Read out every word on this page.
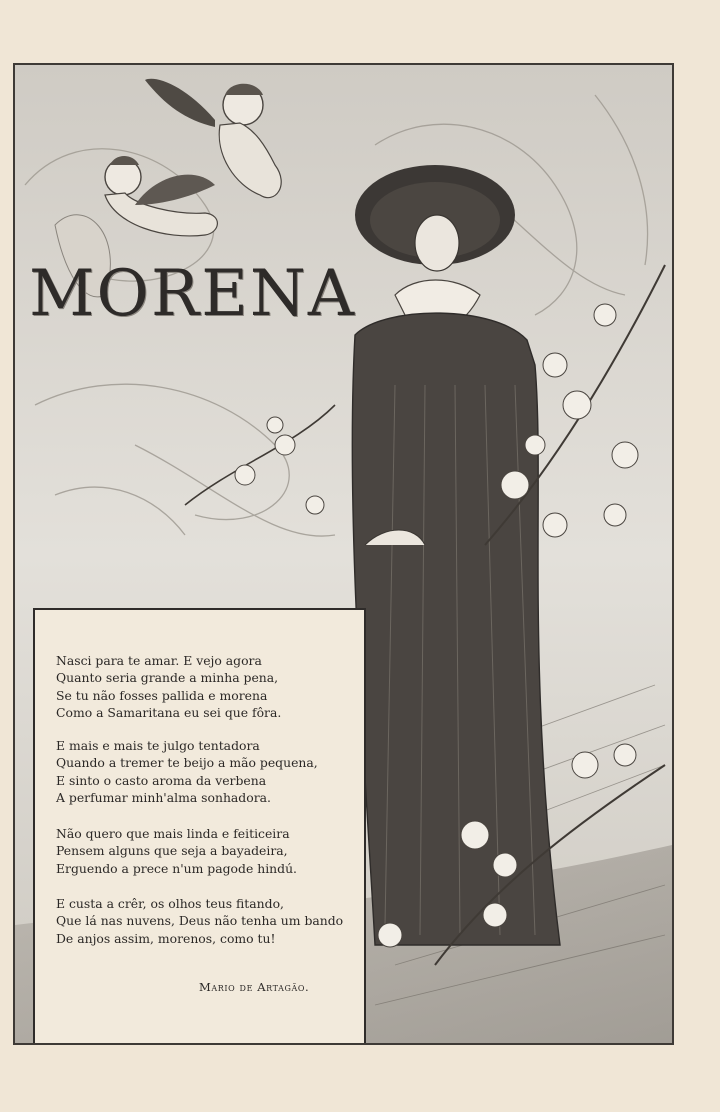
MORENA

Nasci para te amar. E vejo agora
Quanto seria grande a minha pena,
Se tu não fosses pallida e morena
Como a Samaritana eu sei que fôra.

E mais e mais te julgo tentadora
Quando a tremer te beijo a mão pequena,
E sinto o casto aroma da verbena
A perfumar minh'alma sonhadora.

Não quero que mais linda e feiticeira
Pensem alguns que seja a bayadeira,
Erguendo a prece n'um pagode hindú.

E custa a crêr, os olhos teus fitando,
Que lá nas nuvens, Deus não tenha um bando
De anjos assim, morenos, como tu!

Mario de Artagão.
